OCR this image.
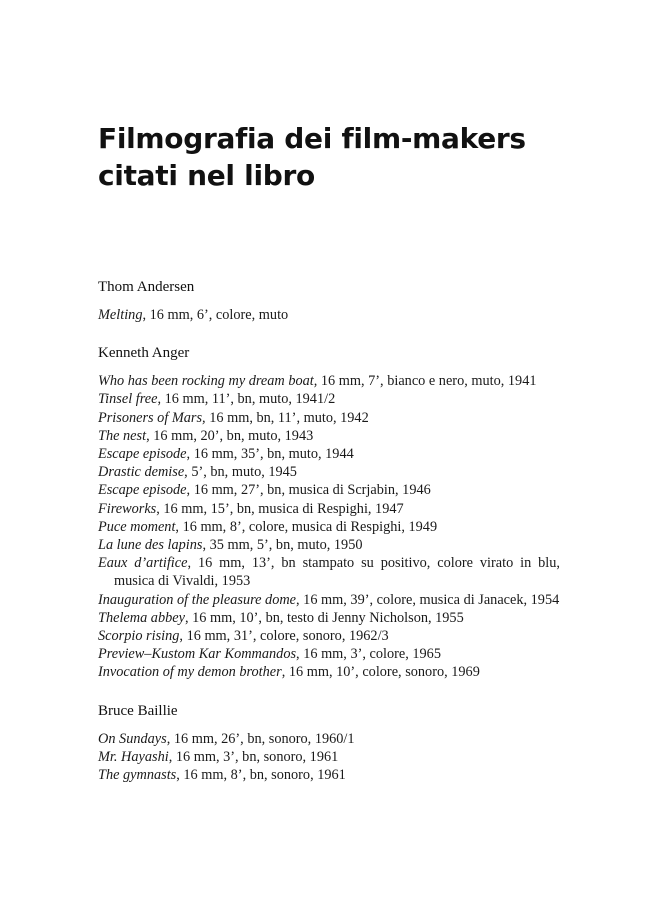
Filmografia dei film-makers
citati nel libro
Thom Andersen

Melting, 16 mm, 6’, colore, muto

Kenneth Anger

Who has been rocking my dream boat, 16 mm, 7’, bianco e nero, muto, 1941

Tinsel free, 16 mm, 11’, bn, muto, 1941/2

Prisoners of Mars, 16 mm, bn, 11’, muto, 1942

The nest, 16 mm, 20’, bn, muto, 1943

Escape episode, 16 mm, 35’, bn, muto, 1944

Drastic demise, 5’, bn, muto, 1945

Escape episode, 16 mm, 27’, bn, musica di Scrjabin, 1946

Fireworks, 16 mm, 15’, bn, musica di Respighi, 1947

Puce moment, 16 mm, 8’, colore, musica di Respighi, 1949

La lune des lapins, 35 mm, 5’, bn, muto, 1950

Eaux d’artifice, 16 mm, 13’, bn stampato su positivo, colore virato in blu, musica di Vivaldi, 1953

Inauguration of the pleasure dome, 16 mm, 39’, colore, musica di Janacek, 1954

Thelema abbey, 16 mm, 10’, bn, testo di Jenny Nicholson, 1955

Scorpio rising, 16 mm, 31’, colore, sonoro, 1962/3

Preview–Kustom Kar Kommandos, 16 mm, 3’, colore, 1965

Invocation of my demon brother, 16 mm, 10’, colore, sonoro, 1969

Bruce Baillie

On Sundays, 16 mm, 26’, bn, sonoro, 1960/1

Mr. Hayashi, 16 mm, 3’, bn, sonoro, 1961

The gymnasts, 16 mm, 8’, bn, sonoro, 1961
